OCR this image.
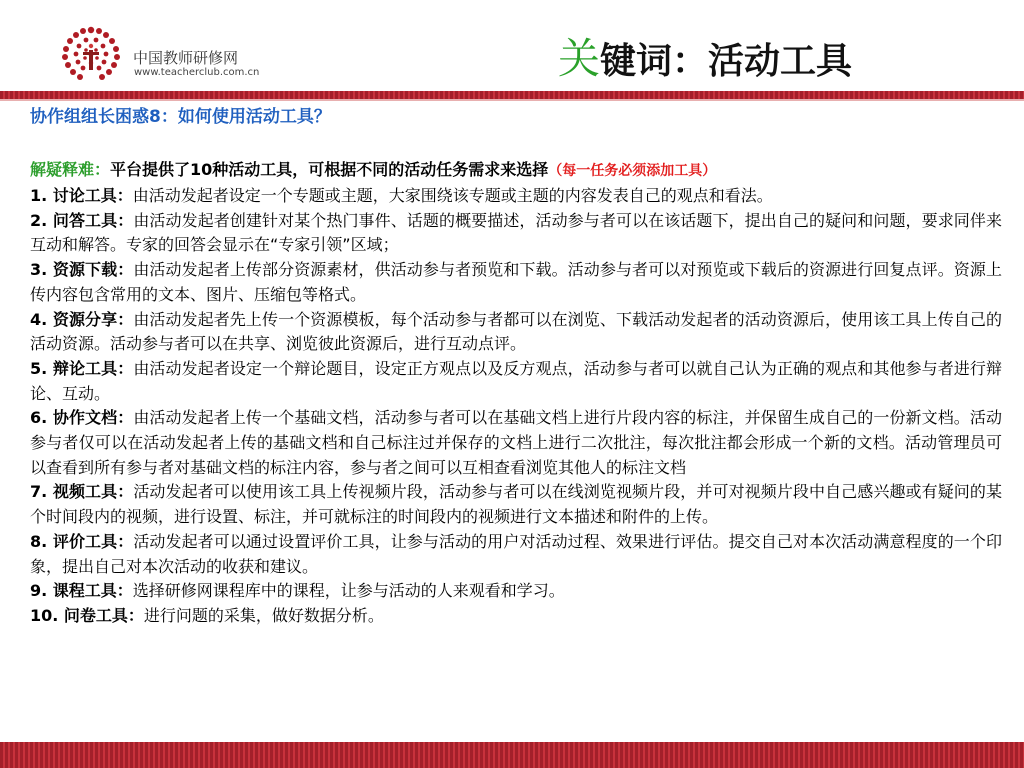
中国教师研修网
www.teacherclub.com.cn	关键词：活动工具

协作组组长困惑8：如何使用活动工具？

解疑释难：平台提供了10种活动工具，可根据不同的活动任务需求来选择（每一任务必须添加工具）

1. 讨论工具：由活动发起者设定一个专题或主题，大家围绕该专题或主题的内容发表自己的观点和看法。

2. 问答工具：由活动发起者创建针对某个热门事件、话题的概要描述，活动参与者可以在该话题下，提出自己的疑问和问题，要求同伴来互动和解答。专家的回答会显示在“专家引领”区域；

3. 资源下载：由活动发起者上传部分资源素材，供活动参与者预览和下载。活动参与者可以对预览或下载后的资源进行回复点评。资源上传内容包含常用的文本、图片、压缩包等格式。

4. 资源分享：由活动发起者先上传一个资源模板，每个活动参与者都可以在浏览、下载活动发起者的活动资源后，使用该工具上传自己的活动资源。活动参与者可以在共享、浏览彼此资源后，进行互动点评。

5. 辩论工具：由活动发起者设定一个辩论题目，设定正方观点以及反方观点，活动参与者可以就自己认为正确的观点和其他参与者进行辩论、互动。

6. 协作文档：由活动发起者上传一个基础文档，活动参与者可以在基础文档上进行片段内容的标注，并保留生成自己的一份新文档。活动参与者仅可以在活动发起者上传的基础文档和自己标注过并保存的文档上进行二次批注，每次批注都会形成一个新的文档。活动管理员可以查看到所有参与者对基础文档的标注内容，参与者之间可以互相查看浏览其他人的标注文档

7. 视频工具：活动发起者可以使用该工具上传视频片段，活动参与者可以在线浏览视频片段，并可对视频片段中自己感兴趣或有疑问的某个时间段内的视频，进行设置、标注，并可就标注的时间段内的视频进行文本描述和附件的上传。

8. 评价工具：活动发起者可以通过设置评价工具，让参与活动的用户对活动过程、效果进行评估。提交自己对本次活动满意程度的一个印象，提出自己对本次活动的收获和建议。

9. 课程工具：选择研修网课程库中的课程，让参与活动的人来观看和学习。

10. 问卷工具：进行问题的采集，做好数据分析。
